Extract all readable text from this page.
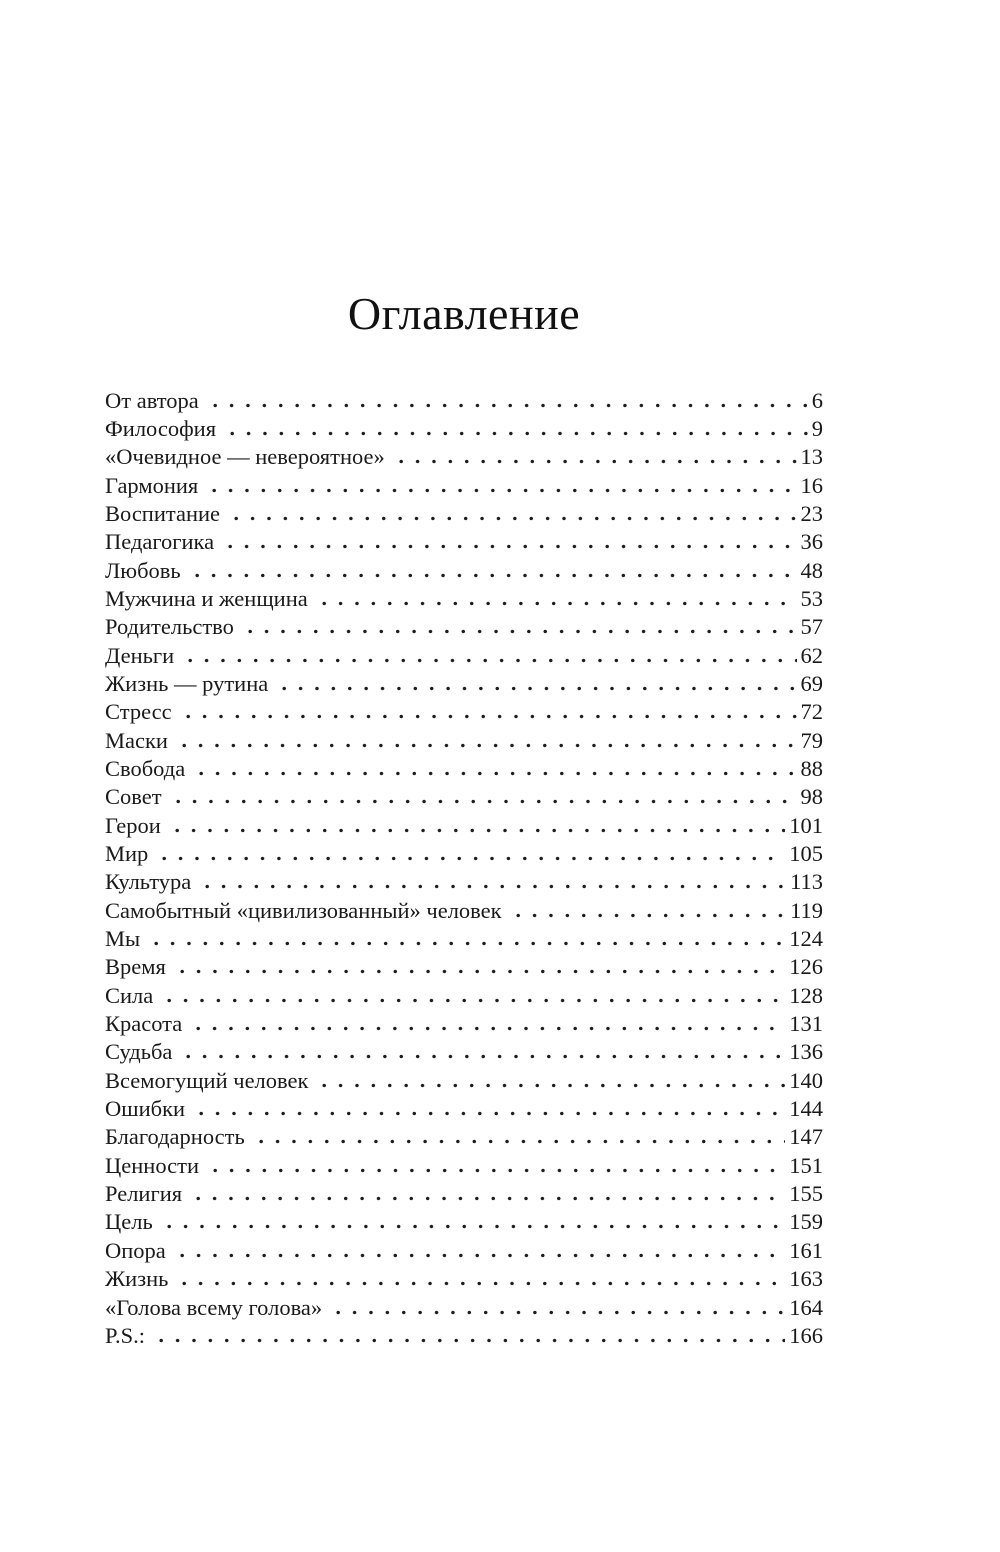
Оглавление
От автора	6
Философия	9
«Очевидное — невероятное»	13
Гармония	16
Воспитание	23
Педагогика	36
Любовь	48
Мужчина и женщина	53
Родительство	57
Деньги	62
Жизнь — рутина	69
Стресс	72
Маски	79
Свобода	88
Совет	98
Герои	101
Мир	105
Культура	113
Самобытный «цивилизованный» человек	119
Мы	124
Время	126
Сила	128
Красота	131
Судьба	136
Всемогущий человек	140
Ошибки	144
Благодарность	147
Ценности	151
Религия	155
Цель	159
Опора	161
Жизнь	163
«Голова всему голова»	164
P.S.:	166
